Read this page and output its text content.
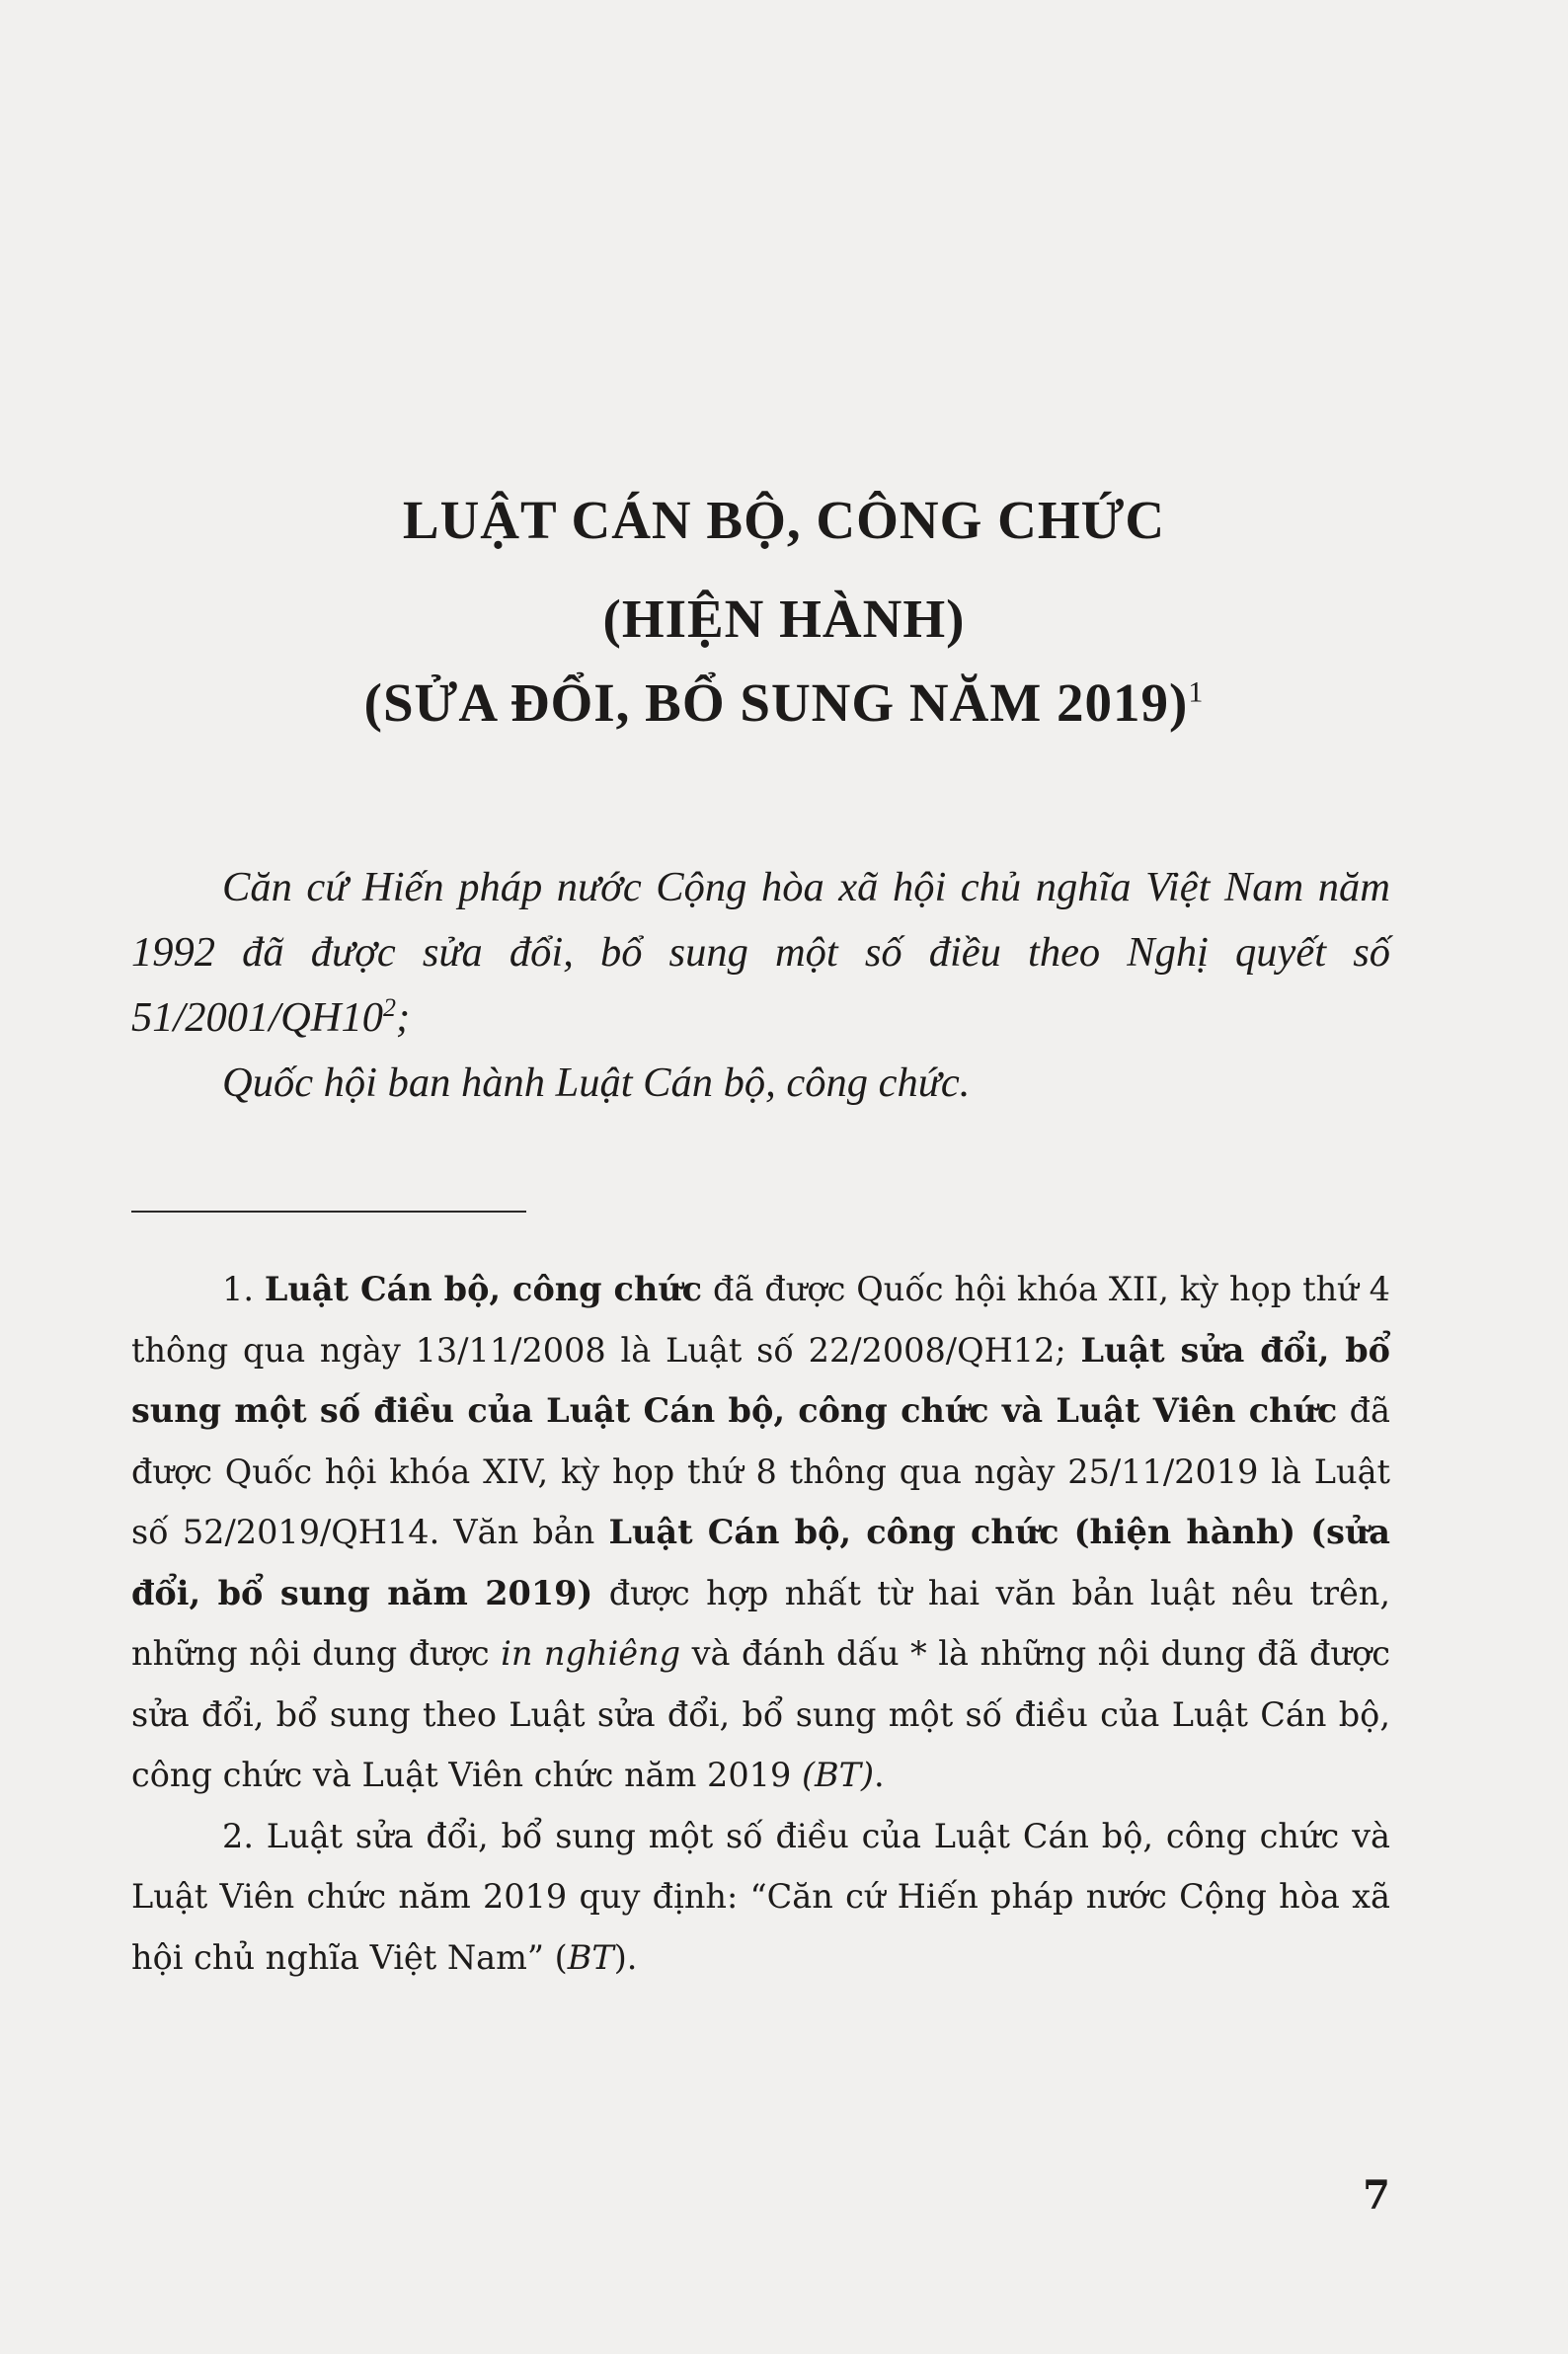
LUẬT CÁN BỘ, CÔNG CHỨC
(HIỆN HÀNH)
(SỬA ĐỔI, BỔ SUNG NĂM 2019)$^1$

Căn cứ Hiến pháp nước Cộng hòa xã hội chủ nghĩa Việt Nam năm 1992 đã được sửa đổi, bổ sung một số điều theo Nghị quyết số $51/2001/QH10^2$;

Quốc hội ban hành Luật Cán bộ, công chức.

1. Luật Cán bộ, công chức đã được Quốc hội khóa XII, kỳ họp thứ 4 thông qua ngày 13/11/2008 là Luật số 22/2008/QH12; Luật sửa đổi, bổ sung một số điều của Luật Cán bộ, công chức và Luật Viên chức đã được Quốc hội khóa XIV, kỳ họp thứ 8 thông qua ngày 25/11/2019 là Luật số 52/2019/QH14. Văn bản Luật Cán bộ, công chức (hiện hành) (sửa đổi, bổ sung năm 2019) được hợp nhất từ hai văn bản luật nêu trên, những nội dung được in nghiêng và đánh dấu * là những nội dung đã được sửa đổi, bổ sung theo Luật sửa đổi, bổ sung một số điều của Luật Cán bộ, công chức và Luật Viên chức năm 2019 (BT).

2. Luật sửa đổi, bổ sung một số điều của Luật Cán bộ, công chức và Luật Viên chức năm 2019 quy định: “Căn cứ Hiến pháp nước Cộng hòa xã hội chủ nghĩa Việt Nam” (BT).

7
